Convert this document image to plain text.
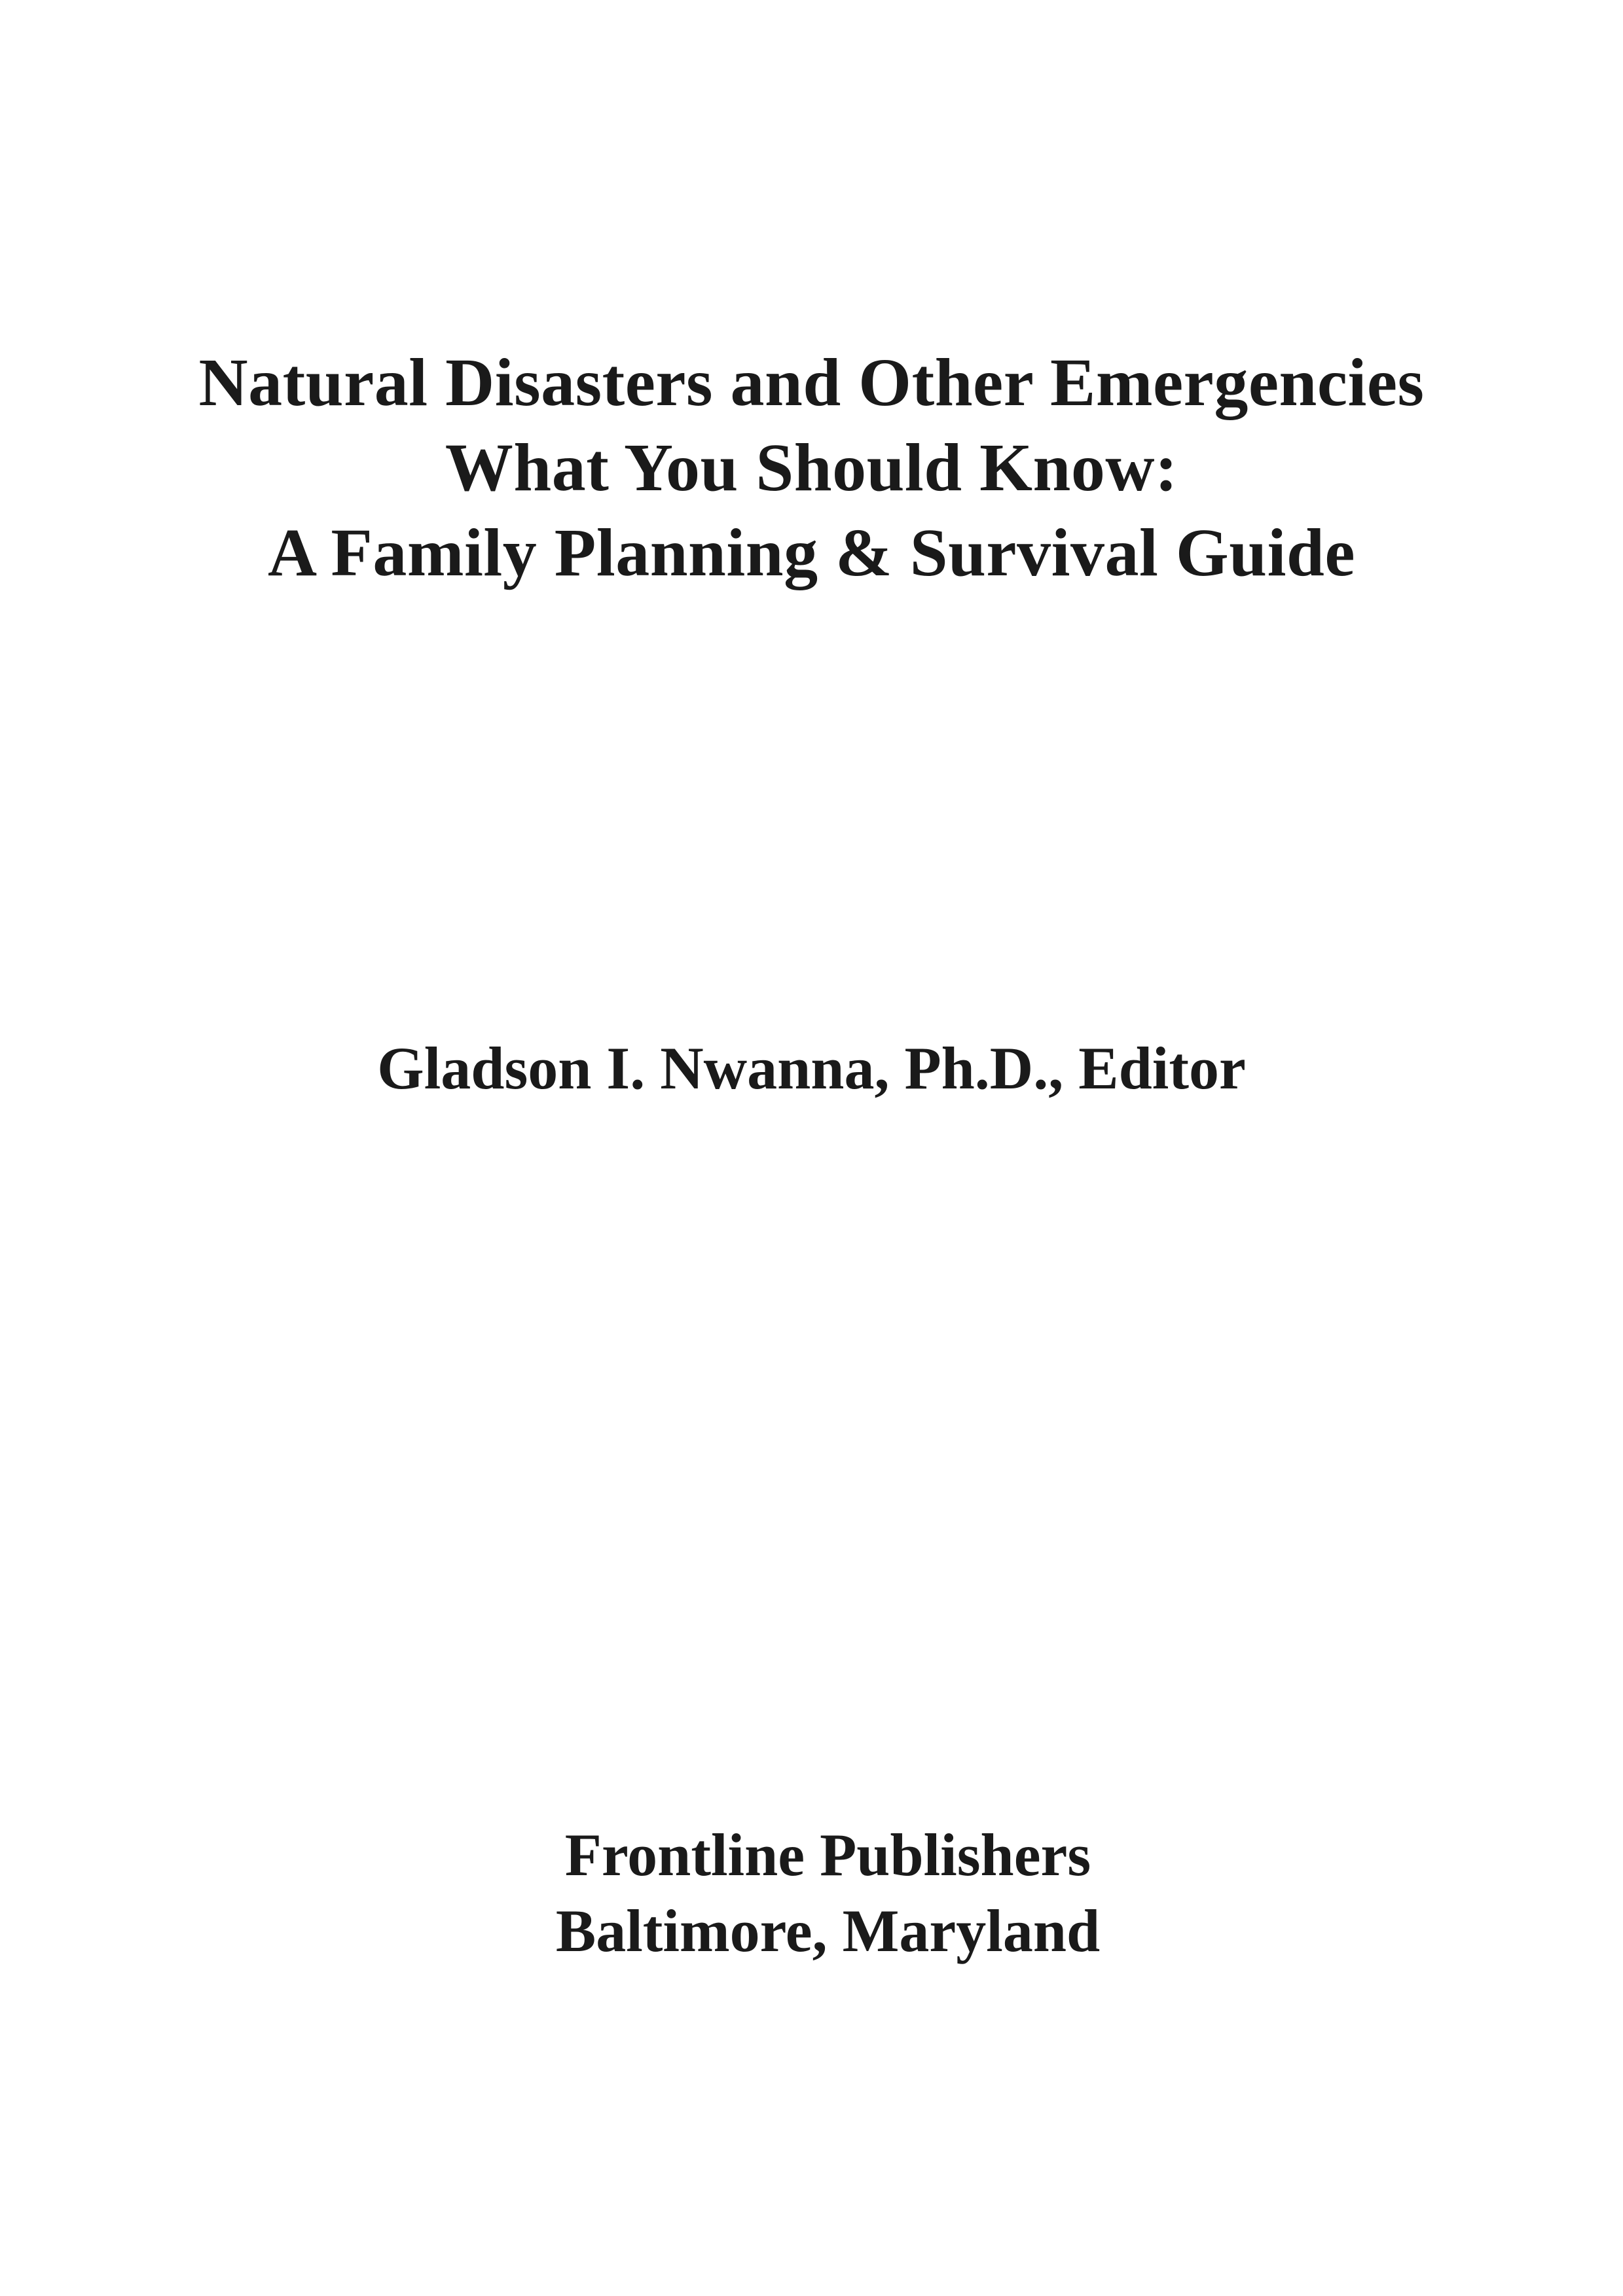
Natural Disasters and Other Emergencies
What You Should Know:
A Family Planning & Survival Guide
Gladson I. Nwanna, Ph.D., Editor
Frontline Publishers
Baltimore, Maryland
